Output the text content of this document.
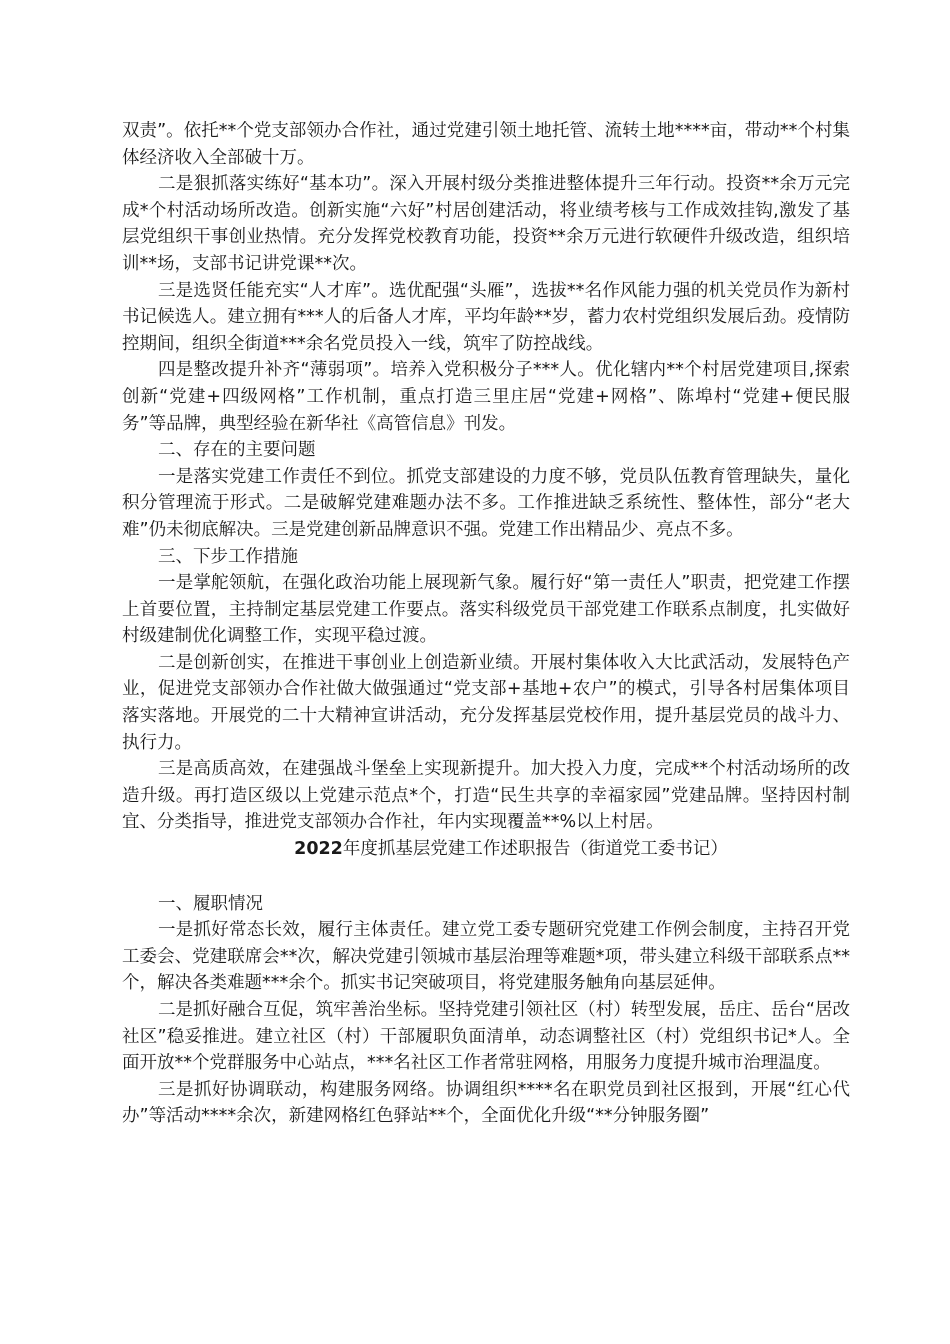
双责”。依托**个党支部领办合作社，通过党建引领土地托管、流转土地****亩，带动**个村集体经济收入全部破十万。

二是狠抓落实练好“基本功”。深入开展村级分类推进整体提升三年行动。投资**余万元完成*个村活动场所改造。创新实施“六好”村居创建活动，将业绩考核与工作成效挂钩,激发了基层党组织干事创业热情。充分发挥党校教育功能，投资**余万元进行软硬件升级改造，组织培训**场，支部书记讲党课**次。

三是选贤任能充实“人才库”。选优配强“头雁”，选拔**名作风能力强的机关党员作为新村书记候选人。建立拥有***人的后备人才库，平均年龄**岁，蓄力农村党组织发展后劲。疫情防控期间，组织全街道***余名党员投入一线，筑牢了防控战线。

四是整改提升补齐“薄弱项”。培养入党积极分子***人。优化辖内**个村居党建项目,探索创新“党建+四级网格”工作机制，重点打造三里庄居“党建+网格”、陈埠村“党建+便民服务”等品牌，典型经验在新华社《高管信息》刊发。

二、存在的主要问题

一是落实党建工作责任不到位。抓党支部建设的力度不够，党员队伍教育管理缺失，量化积分管理流于形式。二是破解党建难题办法不多。工作推进缺乏系统性、整体性，部分“老大难”仍未彻底解决。三是党建创新品牌意识不强。党建工作出精品少、亮点不多。

三、下步工作措施

一是掌舵领航，在强化政治功能上展现新气象。履行好“第一责任人”职责，把党建工作摆上首要位置，主持制定基层党建工作要点。落实科级党员干部党建工作联系点制度，扎实做好村级建制优化调整工作，实现平稳过渡。

二是创新创实，在推进干事创业上创造新业绩。开展村集体收入大比武活动，发展特色产业，促进党支部领办合作社做大做强通过“党支部+基地+农户”的模式，引导各村居集体项目落实落地。开展党的二十大精神宣讲活动，充分发挥基层党校作用，提升基层党员的战斗力、执行力。

三是高质高效，在建强战斗堡垒上实现新提升。加大投入力度，完成**个村活动场所的改造升级。再打造区级以上党建示范点*个，打造“民生共享的幸福家园”党建品牌。坚持因村制宜、分类指导，推进党支部领办合作社，年内实现覆盖**%以上村居。

2022年度抓基层党建工作述职报告（街道党工委书记）

一、履职情况

一是抓好常态长效，履行主体责任。建立党工委专题研究党建工作例会制度，主持召开党工委会、党建联席会**次，解决党建引领城市基层治理等难题*项，带头建立科级干部联系点**个，解决各类难题***余个。抓实书记突破项目，将党建服务触角向基层延伸。

二是抓好融合互促，筑牢善治坐标。坚持党建引领社区（村）转型发展，岳庄、岳台“居改社区”稳妥推进。建立社区（村）干部履职负面清单，动态调整社区（村）党组织书记*人。全面开放**个党群服务中心站点，***名社区工作者常驻网格，用服务力度提升城市治理温度。

三是抓好协调联动，构建服务网络。协调组织****名在职党员到社区报到，开展“红心代办”等活动****余次，新建网格红色驿站**个，全面优化升级“**分钟服务圈”
